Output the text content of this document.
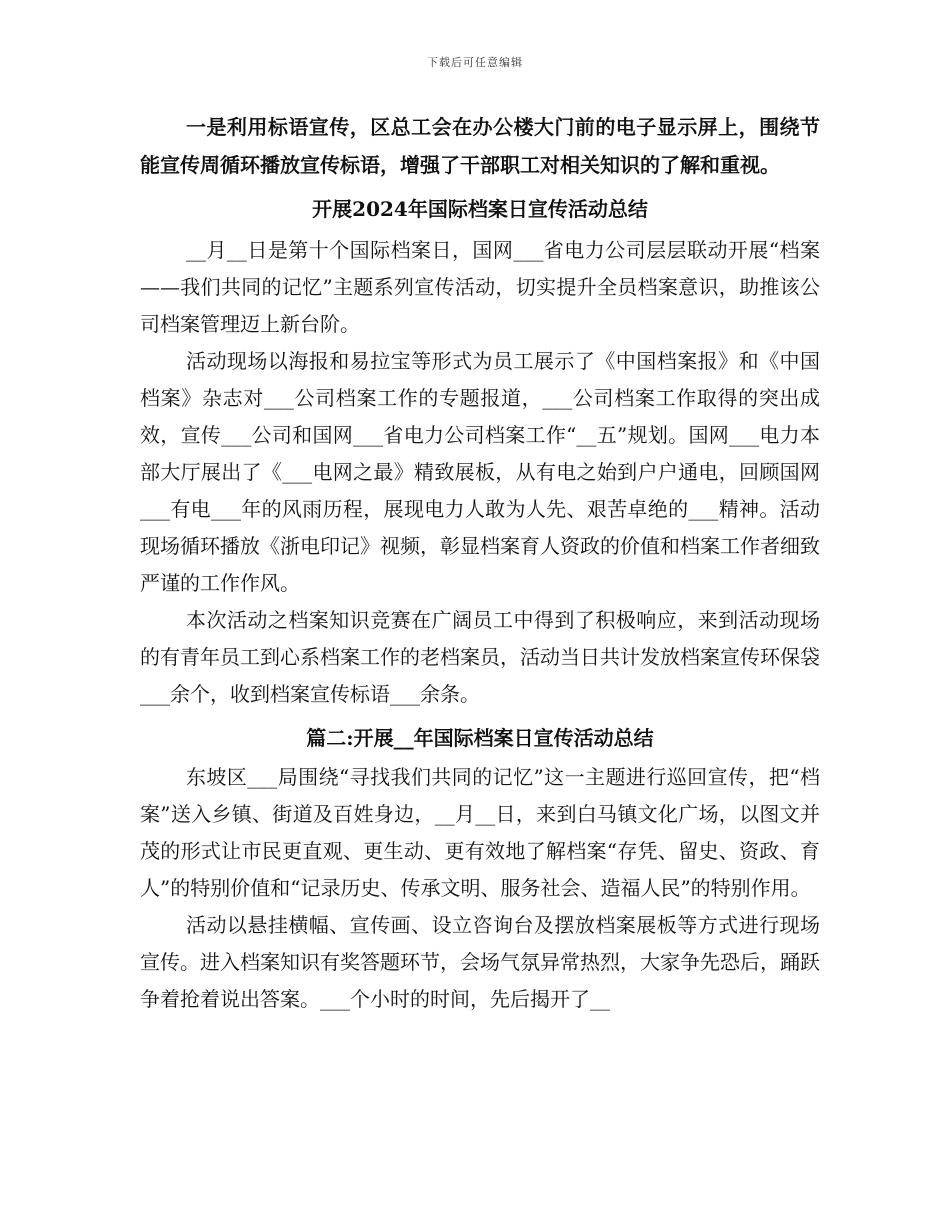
下载后可任意编辑

一是利用标语宣传，区总工会在办公楼大门前的电子显示屏上，围绕节能宣传周循环播放宣传标语，增强了干部职工对相关知识的了解和重视。

开展2024年国际档案日宣传活动总结

__月__日是第十个国际档案日，国网___省电力公司层层联动开展“档案——我们共同的记忆”主题系列宣传活动，切实提升全员档案意识，助推该公司档案管理迈上新台阶。

活动现场以海报和易拉宝等形式为员工展示了《中国档案报》和《中国档案》杂志对___公司档案工作的专题报道，___公司档案工作取得的突出成效，宣传___公司和国网___省电力公司档案工作“__五”规划。国网___电力本部大厅展出了《___电网之最》精致展板，从有电之始到户户通电，回顾国网___有电___年的风雨历程，展现电力人敢为人先、艰苦卓绝的___精神。活动现场循环播放《浙电印记》视频，彰显档案育人资政的价值和档案工作者细致严谨的工作作风。

本次活动之档案知识竞赛在广阔员工中得到了积极响应，来到活动现场的有青年员工到心系档案工作的老档案员，活动当日共计发放档案宣传环保袋___余个，收到档案宣传标语___余条。

篇二:开展__年国际档案日宣传活动总结

东坡区___局围绕“寻找我们共同的记忆”这一主题进行巡回宣传，把“档案”送入乡镇、街道及百姓身边，__月__日，来到白马镇文化广场，以图文并茂的形式让市民更直观、更生动、更有效地了解档案“存凭、留史、资政、育人”的特别价值和“记录历史、传承文明、服务社会、造福人民”的特别作用。

活动以悬挂横幅、宣传画、设立咨询台及摆放档案展板等方式进行现场宣传。进入档案知识有奖答题环节，会场气氛异常热烈，大家争先恐后，踊跃争着抢着说出答案。___个小时的时间，先后揭开了__
